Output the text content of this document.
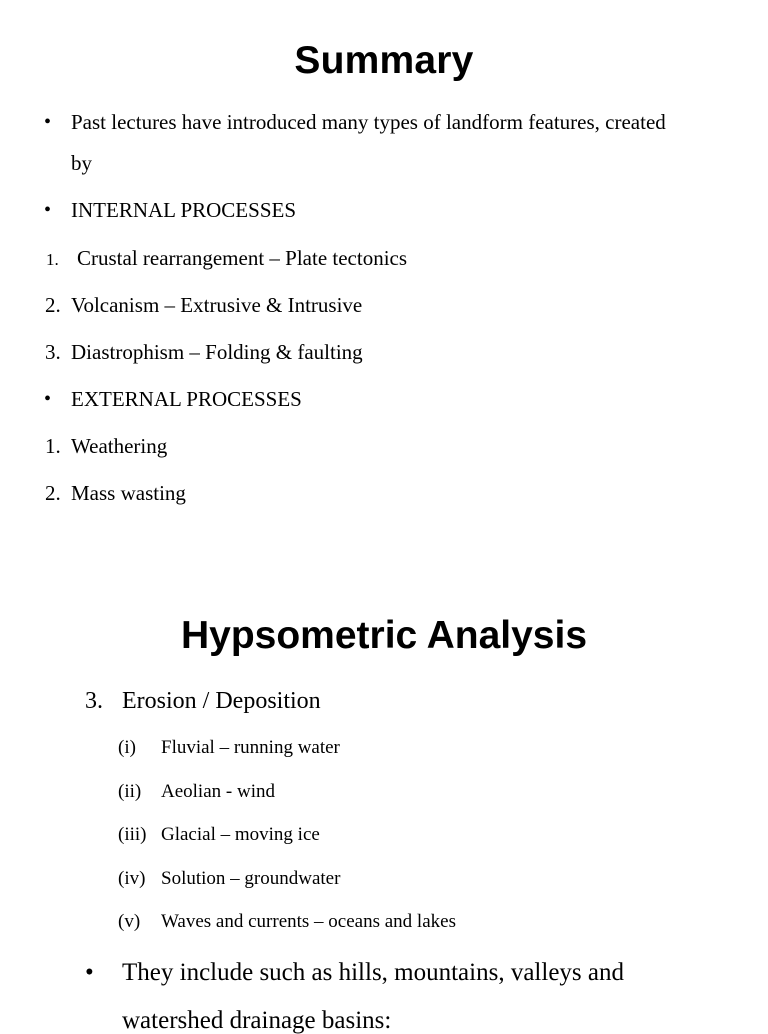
Summary
• Past lectures have introduced many types of landform features, created
by
• INTERNAL PROCESSES
1. Crustal rearrangement – Plate tectonics
2. Volcanism – Extrusive & Intrusive
3. Diastrophism – Folding & faulting
• EXTERNAL PROCESSES
1. Weathering
2. Mass wasting
Hypsometric Analysis
3. Erosion / Deposition
(i) Fluvial – running water
(ii) Aeolian - wind
(iii) Glacial – moving ice
(iv) Solution – groundwater
(v) Waves and currents – oceans and lakes
• They include such as hills, mountains, valleys and
watershed drainage basins:
